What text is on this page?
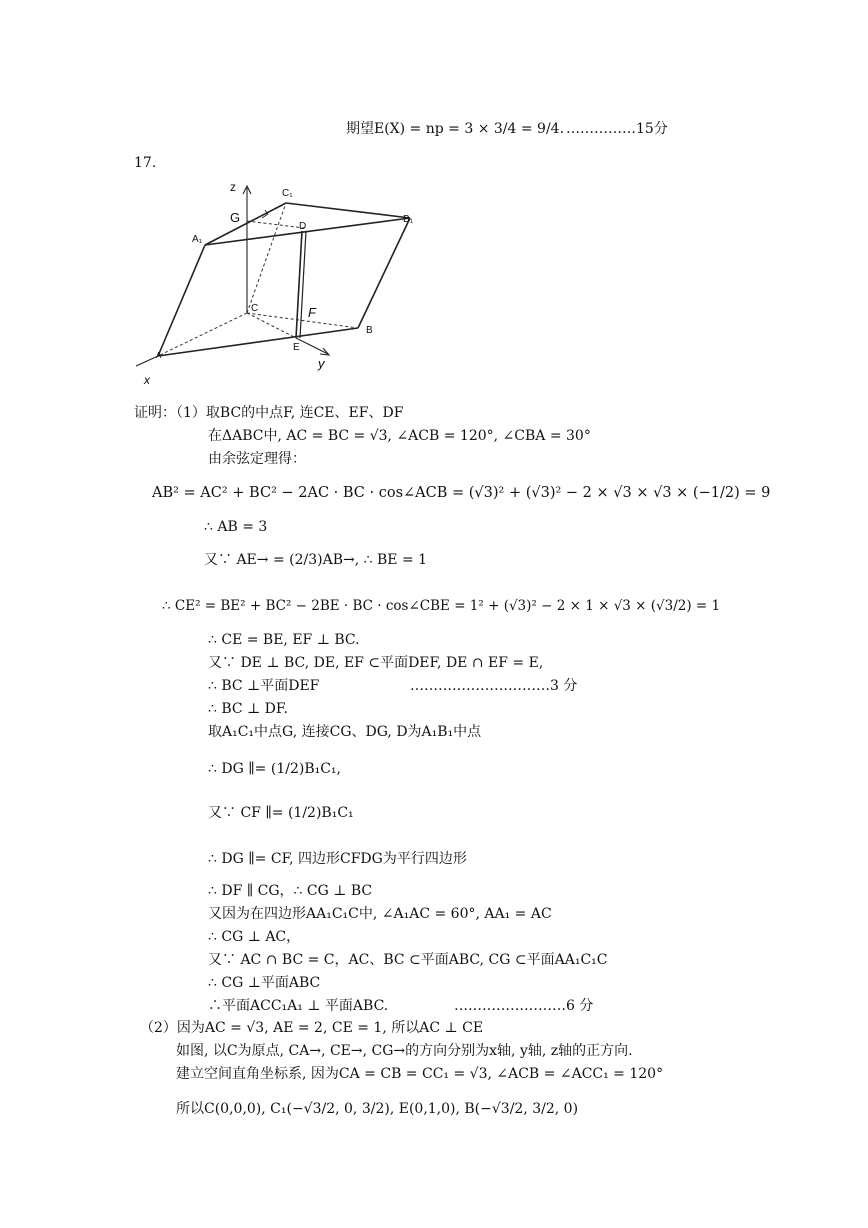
期望E(X) = np = 3 × 3/4 = 9/4. ……………15分
17.
z	C₁
B₁
G
A₁
D
C	F
B
E
y
A
x
证明：（1）取BC的中点F, 连CE、EF、DF
在ΔABC中, AC = BC = √3, ∠ACB = 120°, ∠CBA = 30°
由余弦定理得：
AB² = AC² + BC² − 2AC · BC · cos∠ACB = (√3)² + (√3)² − 2 × √3 × √3 × (−1/2) = 9
∴ AB = 3
又∵ AE→ = (2/3)AB→, ∴ BE = 1
∴ CE² = BE² + BC² − 2BE · BC · cos∠CBE = 1² + (√3)² − 2 × 1 × √3 × (√3/2) = 1
∴ CE = BE, EF ⊥ BC.
又∵ DE ⊥ BC, DE, EF ⊂平面DEF, DE ∩ EF = E,
∴ BC ⊥平面DEF	…………………………3 分
∴ BC ⊥ DF.
取A₁C₁中点G, 连接CG、DG, D为A₁B₁中点
∴ DG ∥= (1/2)B₁C₁,
又∵ CF ∥= (1/2)B₁C₁
∴ DG ∥= CF, 四边形CFDG为平行四边形
∴ DF ∥ CG，∴ CG ⊥ BC
又因为在四边形AA₁C₁C中, ∠A₁AC = 60°, AA₁ = AC
∴ CG ⊥ AC，
又∵ AC ∩ BC = C，AC、BC ⊂平面ABC, CG ⊂平面AA₁C₁C
∴ CG ⊥平面ABC
∴平面ACC₁A₁ ⊥ 平面ABC.	……………………6 分
（2）因为AC = √3, AE = 2, CE = 1, 所以AC ⊥ CE
如图, 以C为原点, CA→, CE→, CG→的方向分别为x轴, y轴, z轴的正方向.
建立空间直角坐标系, 因为CA = CB = CC₁ = √3, ∠ACB = ∠ACC₁ = 120°
所以C(0,0,0), C₁(−√3/2, 0, 3/2), E(0,1,0), B(−√3/2, 3/2, 0)
